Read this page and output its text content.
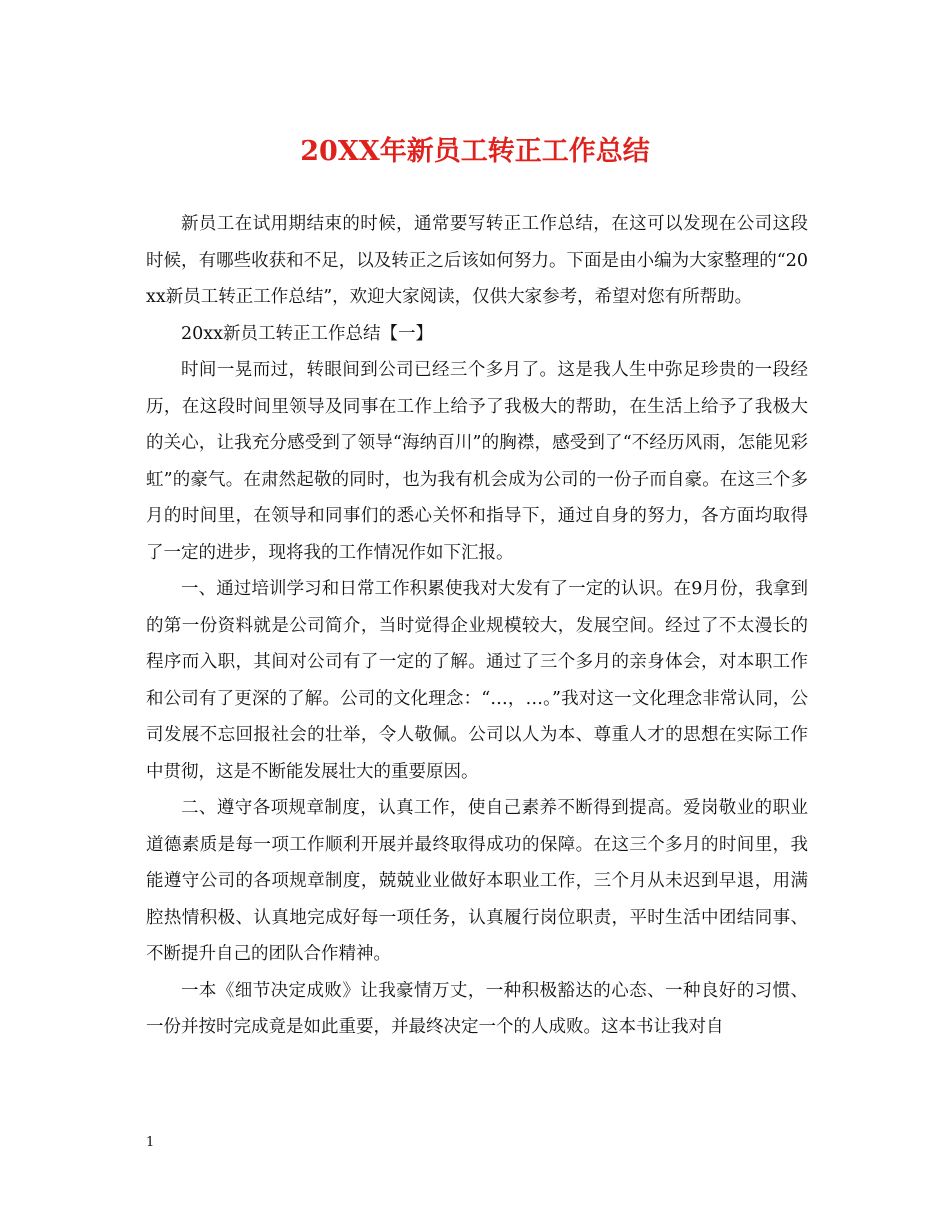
20XX年新员工转正工作总结

新员工在试用期结束的时候，通常要写转正工作总结，在这可以发现在公司这段时候，有哪些收获和不足，以及转正之后该如何努力。下面是由小编为大家整理的“20xx新员工转正工作总结”，欢迎大家阅读，仅供大家参考，希望对您有所帮助。

20xx新员工转正工作总结【一】

时间一晃而过，转眼间到公司已经三个多月了。这是我人生中弥足珍贵的一段经历，在这段时间里领导及同事在工作上给予了我极大的帮助，在生活上给予了我极大的关心，让我充分感受到了领导“海纳百川”的胸襟，感受到了“不经历风雨，怎能见彩虹”的豪气。在肃然起敬的同时，也为我有机会成为公司的一份子而自豪。在这三个多月的时间里，在领导和同事们的悉心关怀和指导下，通过自身的努力，各方面均取得了一定的进步，现将我的工作情况作如下汇报。

一、通过培训学习和日常工作积累使我对大发有了一定的认识。在9月份，我拿到的第一份资料就是公司简介，当时觉得企业规模较大，发展空间。经过了不太漫长的程序而入职，其间对公司有了一定的了解。通过了三个多月的亲身体会，对本职工作和公司有了更深的了解。公司的文化理念：“…，…。”我对这一文化理念非常认同，公司发展不忘回报社会的壮举，令人敬佩。公司以人为本、尊重人才的思想在实际工作中贯彻，这是不断能发展壮大的重要原因。

二、遵守各项规章制度，认真工作，使自己素养不断得到提高。爱岗敬业的职业道德素质是每一项工作顺利开展并最终取得成功的保障。在这三个多月的时间里，我能遵守公司的各项规章制度，兢兢业业做好本职业工作，三个月从未迟到早退，用满腔热情积极、认真地完成好每一项任务，认真履行岗位职责，平时生活中团结同事、不断提升自己的团队合作精神。

一本《细节决定成败》让我豪情万丈，一种积极豁达的心态、一种良好的习惯、一份并按时完成竟是如此重要，并最终决定一个的人成败。这本书让我对自

1
